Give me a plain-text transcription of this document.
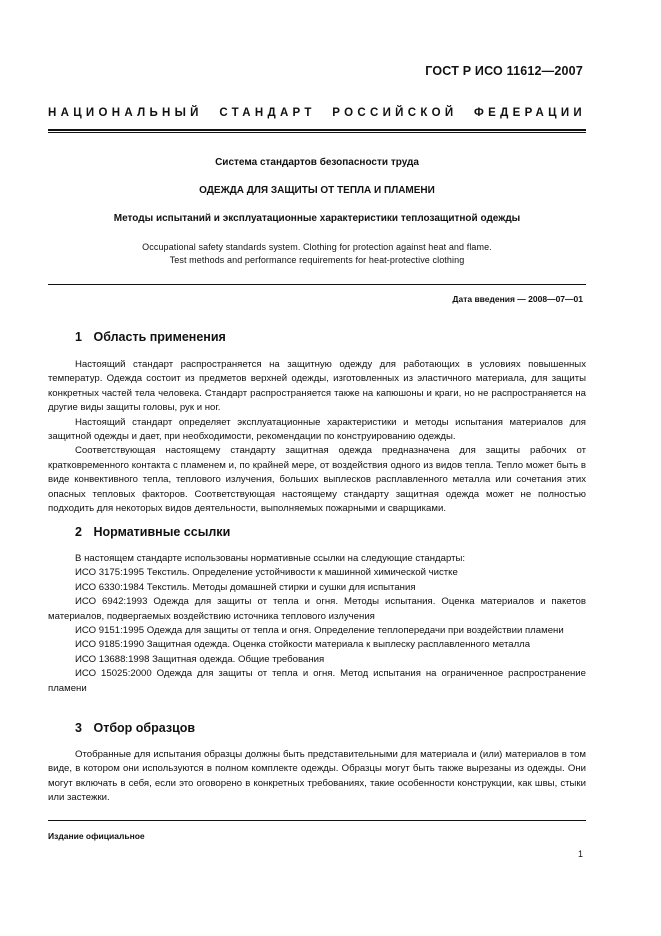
ГОСТ Р ИСО 11612—2007
НАЦИОНАЛЬНЫЙ СТАНДАРТ РОССИЙСКОЙ ФЕДЕРАЦИИ
Система стандартов безопасности труда
ОДЕЖДА ДЛЯ ЗАЩИТЫ ОТ ТЕПЛА И ПЛАМЕНИ
Методы испытаний и эксплуатационные характеристики теплозащитной одежды
Occupational safety standards system. Clothing for protection against heat and flame.
Test methods and performance requirements for heat-protective clothing
Дата введения — 2008—07—01
1 Область применения

Настоящий стандарт распространяется на защитную одежду для работающих в условиях повышенных температур. Одежда состоит из предметов верхней одежды, изготовленных из эластичного материала, для защиты конкретных частей тела человека. Стандарт распространяется также на капюшоны и краги, но не распространяется на другие виды защиты головы, рук и ног.

Настоящий стандарт определяет эксплуатационные характеристики и методы испытания материалов для защитной одежды и дает, при необходимости, рекомендации по конструированию одежды.

Соответствующая настоящему стандарту защитная одежда предназначена для защиты рабочих от кратковременного контакта с пламенем и, по крайней мере, от воздействия одного из видов тепла. Тепло может быть в виде конвективного тепла, теплового излучения, больших выплесков расплавленного металла или сочетания этих опасных тепловых факторов. Соответствующая настоящему стандарту защитная одежда может не полностью подходить для некоторых видов деятельности, выполняемых пожарными и сварщиками.

2 Нормативные ссылки

В настоящем стандарте использованы нормативные ссылки на следующие стандарты:

ИСО 3175:1995 Текстиль. Определение устойчивости к машинной химической чистке

ИСО 6330:1984 Текстиль. Методы домашней стирки и сушки для испытания

ИСО 6942:1993 Одежда для защиты от тепла и огня. Методы испытания. Оценка материалов и пакетов материалов, подвергаемых воздействию источника теплового излучения

ИСО 9151:1995 Одежда для защиты от тепла и огня. Определение теплопередачи при воздействии пламени

ИСО 9185:1990 Защитная одежда. Оценка стойкости материала к выплеску расплавленного металла

ИСО 13688:1998 Защитная одежда. Общие требования

ИСО 15025:2000 Одежда для защиты от тепла и огня. Метод испытания на ограниченное распространение пламени

3 Отбор образцов

Отобранные для испытания образцы должны быть представительными для материала и (или) материалов в том виде, в котором они используются в полном комплекте одежды. Образцы могут быть также вырезаны из одежды. Они могут включать в себя, если это оговорено в конкретных требованиях, такие особенности конструкции, как швы, стыки или застежки.

Издание официальное
1
